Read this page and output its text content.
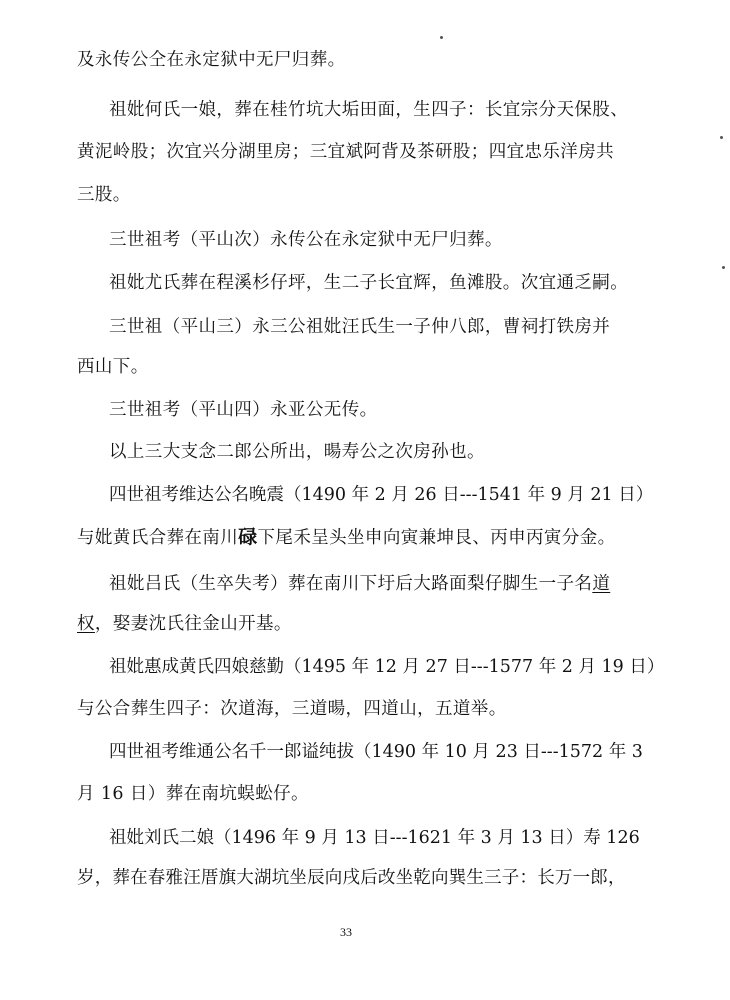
及永传公仝在永定狱中无尸归葬。
祖妣何氏一娘，葬在桂竹坑大垢田面，生四子：长宜宗分天保股、
黄泥岭股；次宜兴分湖里房；三宜斌阿背及茶研股；四宜忠乐洋房共
三股。
三世祖考（平山次）永传公在永定狱中无尸归葬。
祖妣尤氏葬在程溪杉仔坪，生二子长宜辉，鱼滩股。次宜通乏嗣。
三世祖（平山三）永三公祖妣汪氏生一子仲八郎，曹祠打铁房并
西山下。
三世祖考（平山四）永亚公无传。
以上三大支念二郎公所出，暘寿公之次房孙也。
四世祖考维达公名晚震（1490 年 2 月 26 日---1541 年 9 月 21 日）
与妣黄氏合葬在南川碌下尾禾呈头坐申向寅兼坤艮、丙申丙寅分金。
祖妣吕氏（生卒失考）葬在南川下圩后大路面梨仔脚生一子名道
权，娶妻沈氏往金山开基。
祖妣惠成黄氏四娘慈勤（1495 年 12 月 27 日---1577 年 2 月 19 日）
与公合葬生四子：次道海，三道暘，四道山，五道举。
四世祖考维通公名千一郎谥纯拔（1490 年 10 月 23 日---1572 年 3
月 16 日）葬在南坑蜈蚣仔。
祖妣刘氏二娘（1496 年 9 月 13 日---1621 年 3 月 13 日）寿 126
岁，葬在春雅汪厝旗大湖坑坐辰向戌后改坐乾向巽生三子：长万一郎，
33
